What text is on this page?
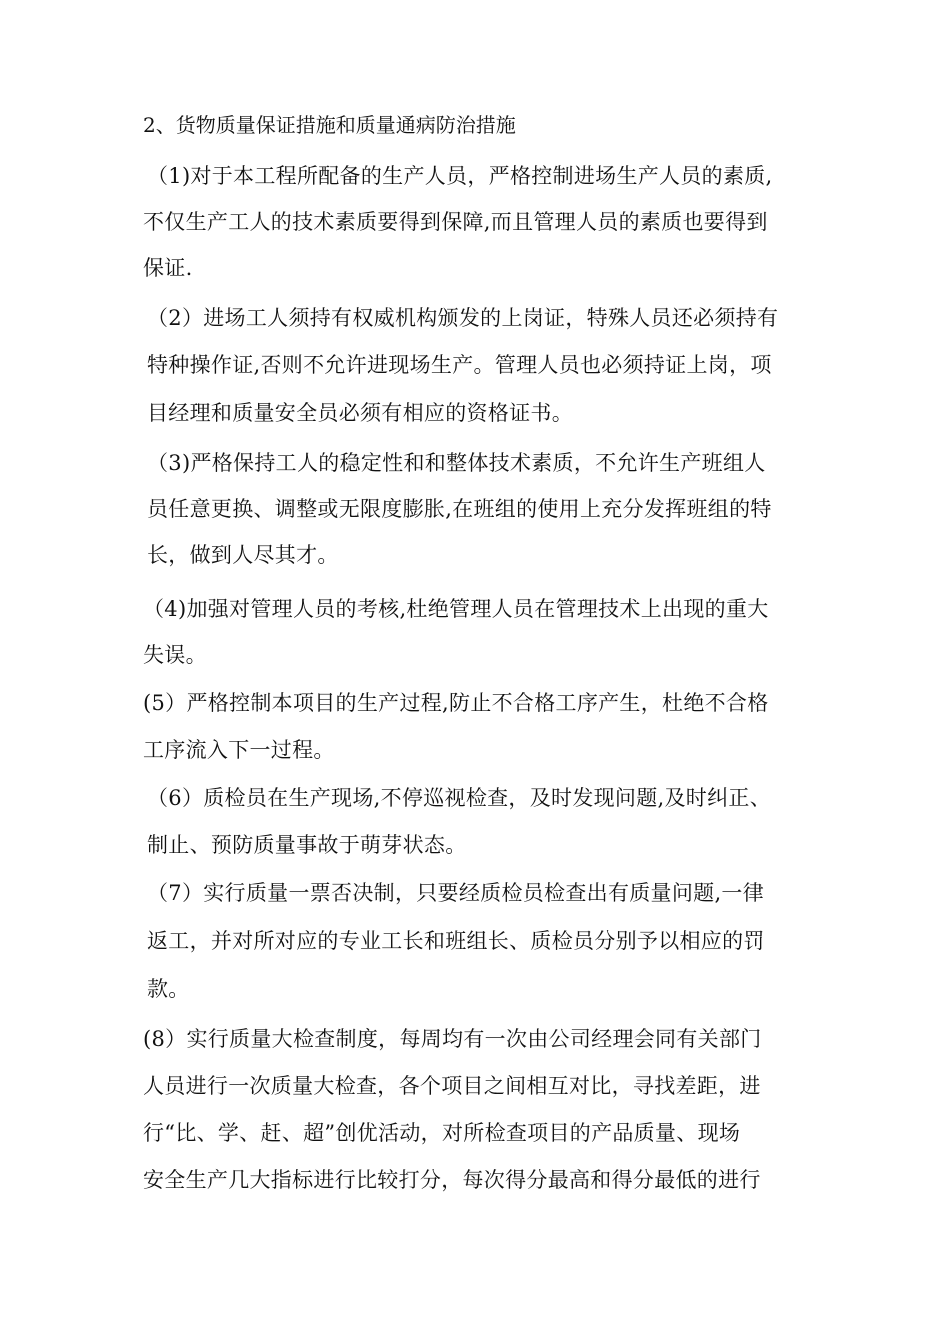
2、货物质量保证措施和质量通病防治措施
（1)对于本工程所配备的生产人员，严格控制进场生产人员的素质,
不仅生产工人的技术素质要得到保障,而且管理人员的素质也要得到
保证.
（2）进场工人须持有权威机构颁发的上岗证，特殊人员还必须持有
特种操作证,否则不允许进现场生产。管理人员也必须持证上岗，项
目经理和质量安全员必须有相应的资格证书。
（3)严格保持工人的稳定性和和整体技术素质，不允许生产班组人
员任意更换、调整或无限度膨胀,在班组的使用上充分发挥班组的特
长，做到人尽其才。
（4)加强对管理人员的考核,杜绝管理人员在管理技术上出现的重大
失误。
(5）严格控制本项目的生产过程,防止不合格工序产生，杜绝不合格
工序流入下一过程。
（6）质检员在生产现场,不停巡视检查，及时发现问题,及时纠正、
制止、预防质量事故于萌芽状态。
（7）实行质量一票否决制，只要经质检员检查出有质量问题,一律
返工，并对所对应的专业工长和班组长、质检员分别予以相应的罚
款。
(8）实行质量大检查制度，每周均有一次由公司经理会同有关部门
人员进行一次质量大检查，各个项目之间相互对比，寻找差距，进
行“比、学、赶、超”创优活动，对所检查项目的产品质量、现场
安全生产几大指标进行比较打分，每次得分最高和得分最低的进行
